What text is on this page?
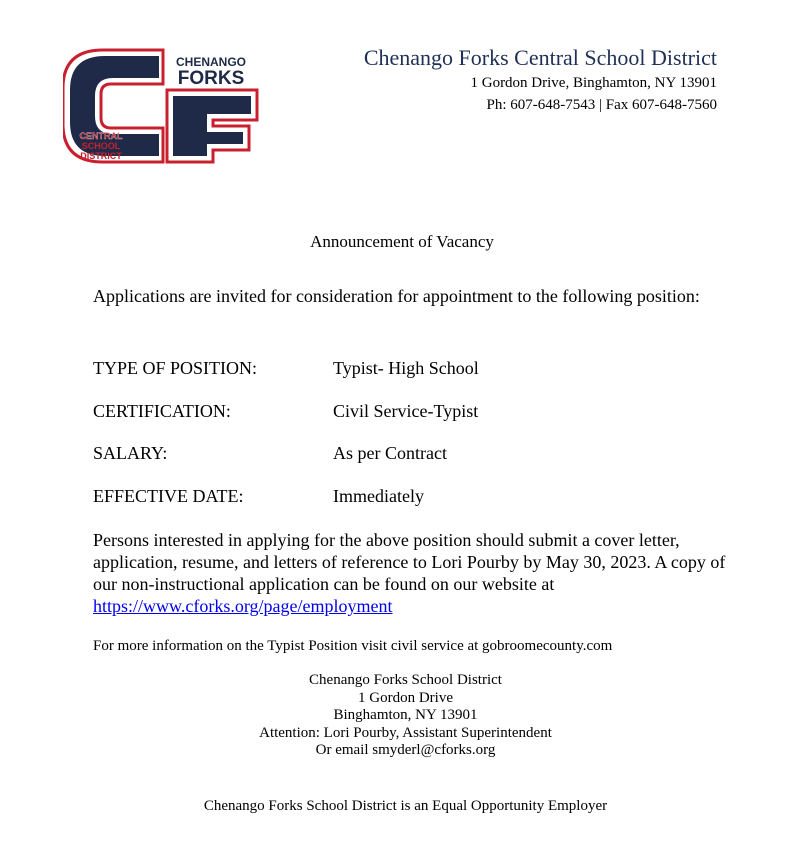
CHENANGO
FORKS
CENTRAL
SCHOOL
DISTRICT
Chenango Forks Central School District
1 Gordon Drive, Binghamton, NY 13901
Ph: 607-648-7543 | Fax 607-648-7560
Announcement of Vacancy
Applications are invited for consideration for appointment to the following position:
TYPE OF POSITION:	Typist- High School
CERTIFICATION:	Civil Service-Typist
SALARY:	As per Contract
EFFECTIVE DATE:	Immediately
Persons interested in applying for the above position should submit a cover letter, application, resume, and letters of reference to Lori Pourby by May 30, 2023. A copy of our non-instructional application can be found on our website at
https://www.cforks.org/page/employment
For more information on the Typist Position visit civil service at gobroomecounty.com
Chenango Forks School District
1 Gordon Drive
Binghamton, NY 13901
Attention: Lori Pourby, Assistant Superintendent
Or email smyderl@cforks.org
Chenango Forks School District is an Equal Opportunity Employer
